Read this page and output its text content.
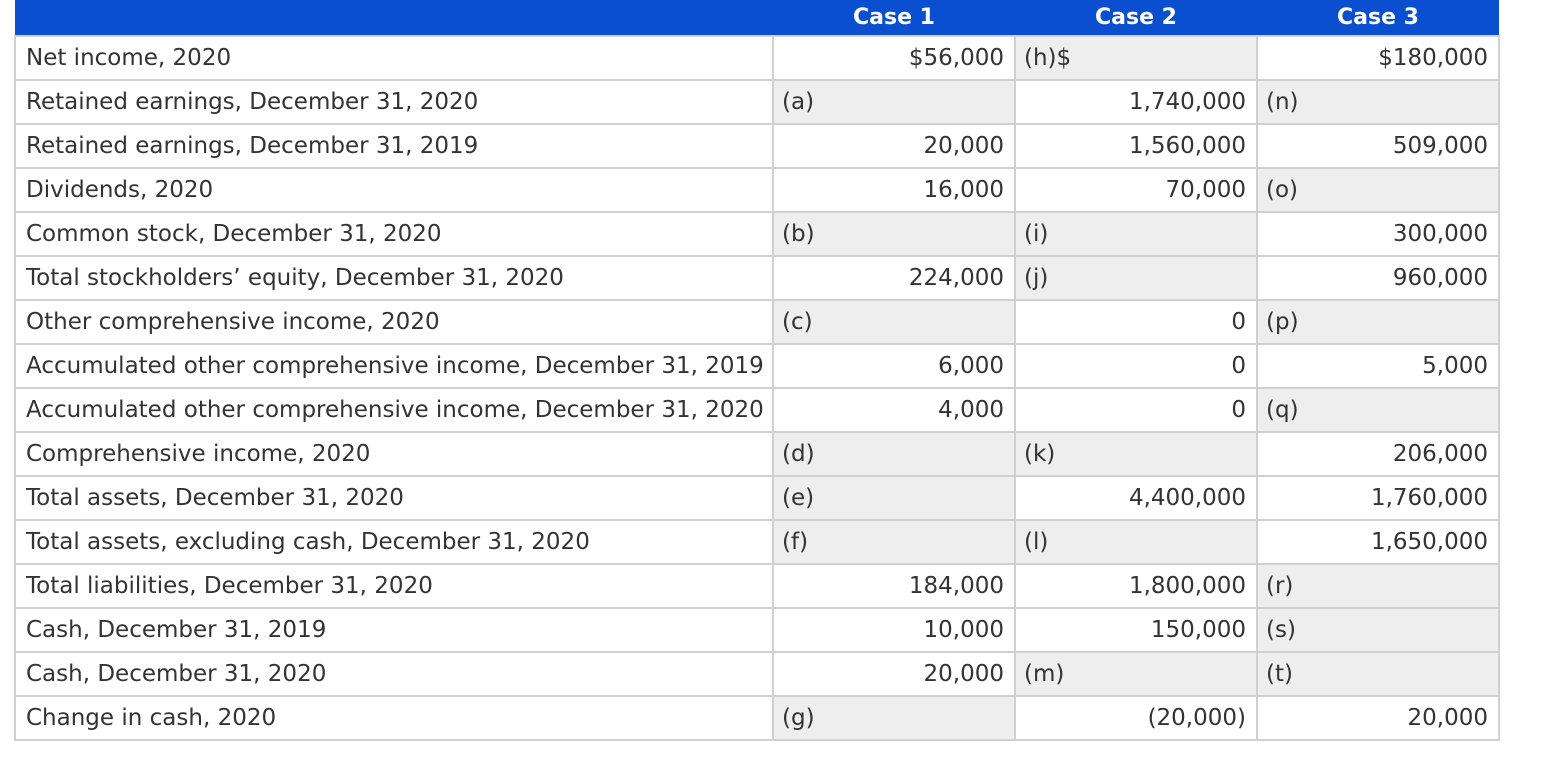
	Case 1	Case 2	Case 3
Net income, 2020	$56,000	(h)$	$180,000
Retained earnings, December 31, 2020	(a)	1,740,000	(n)

Retained earnings, December 31, 2019	20,000	1,560,000	509,000
Dividends, 2020	16,000	70,000	(o)

Common stock, December 31, 2020	(b)	(i)	300,000
Total stockholders’ equity, December 31, 2020	224,000	(j)	960,000
Other comprehensive income, 2020	(c)	0	(p)

Accumulated other comprehensive income, December 31, 2019	6,000	0	5,000
Accumulated other comprehensive income, December 31, 2020	4,000	0	(q)

Comprehensive income, 2020	(d)	(k)	206,000
Total assets, December 31, 2020	(e)	4,400,000	1,760,000
Total assets, excluding cash, December 31, 2020	(f)	(l)	1,650,000
Total liabilities, December 31, 2020	184,000	1,800,000	(r)

Cash, December 31, 2019	10,000	150,000	(s)

Cash, December 31, 2020	20,000	(m)	(t)

Change in cash, 2020	(g)	(20,000)	20,000
